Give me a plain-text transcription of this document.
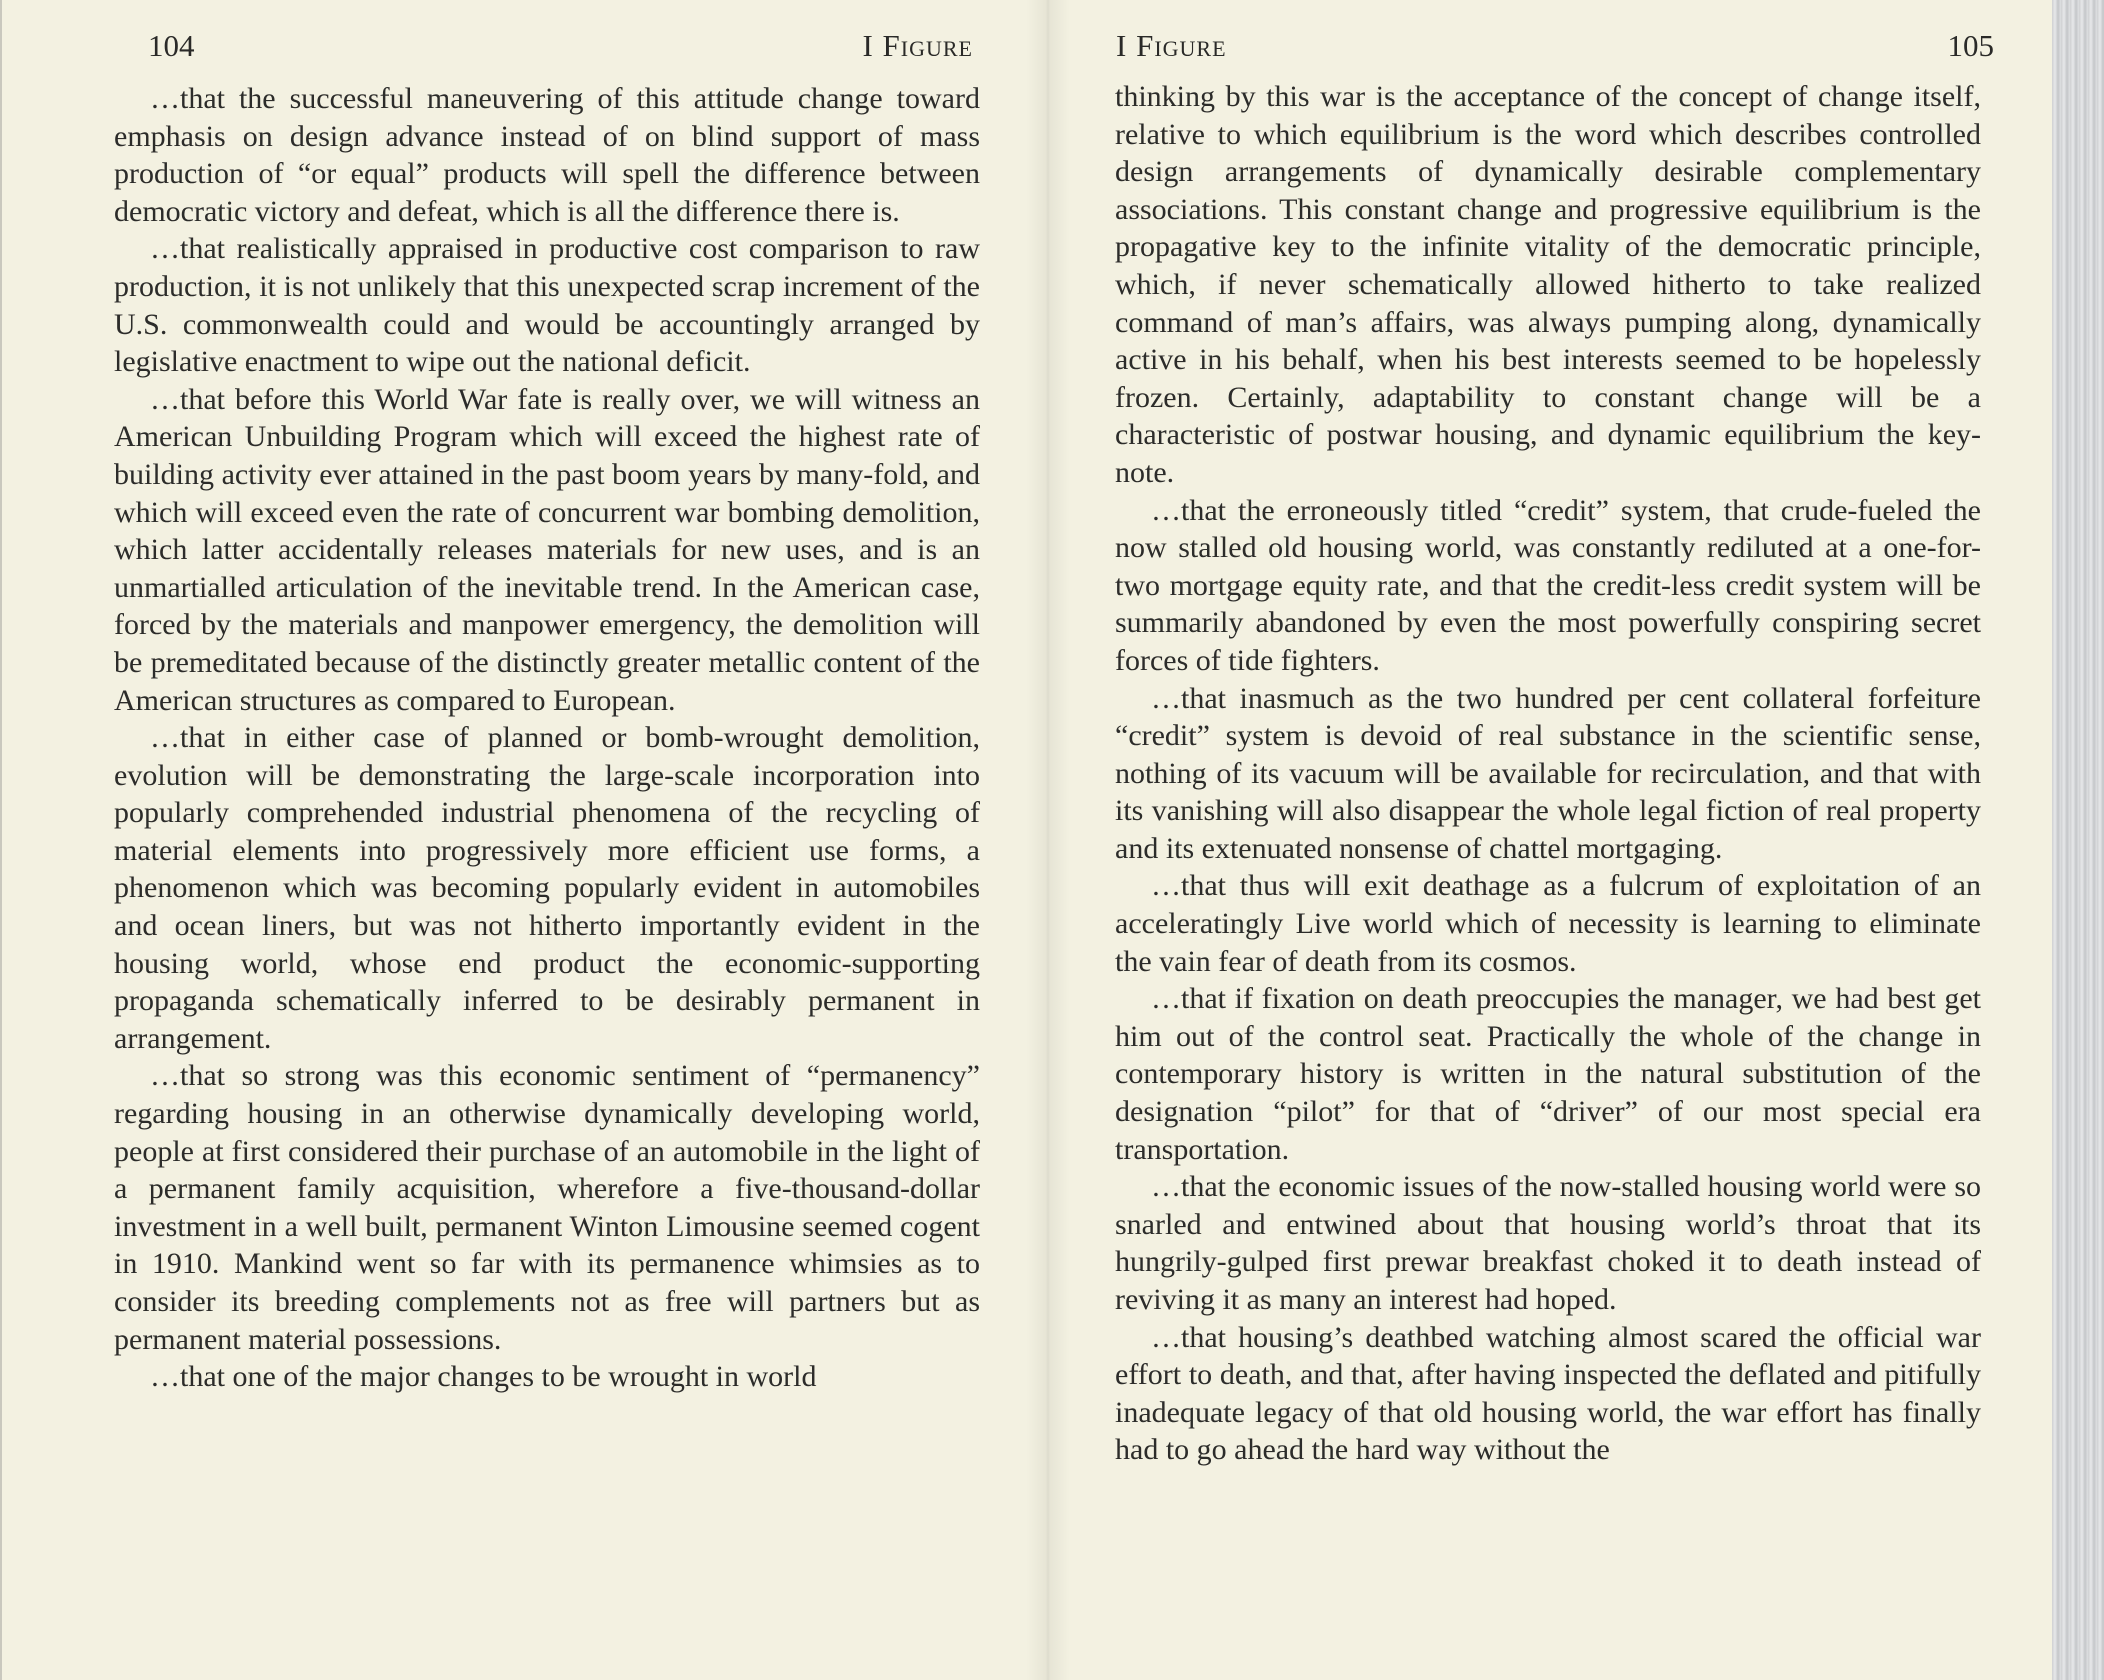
104	I Figure

…that the successful maneuvering of this attitude change toward emphasis on design advance instead of on blind support of mass production of “or equal” products will spell the difference between democratic victory and defeat, which is all the difference there is.

…that realistically appraised in productive cost comparison to raw production, it is not unlikely that this unexpected scrap increment of the U.S. commonwealth could and would be accountingly arranged by legislative enactment to wipe out the national deficit.

…that before this World War fate is really over, we will witness an American Unbuilding Program which will exceed the highest rate of building activity ever attained in the past boom years by many-fold, and which will exceed even the rate of concurrent war bombing demolition, which latter accidentally releases materials for new uses, and is an unmartialled articulation of the inevitable trend. In the American case, forced by the materials and manpower emergency, the demolition will be premeditated because of the distinctly greater metallic content of the American structures as compared to European.

…that in either case of planned or bomb-wrought demolition, evolution will be demonstrating the large-scale incorporation into popularly comprehended industrial phenomena of the recycling of material elements into progressively more efficient use forms, a phenomenon which was becoming popularly evident in automobiles and ocean liners, but was not hitherto importantly evident in the housing world, whose end product the economic-supporting propaganda schematically inferred to be desirably permanent in arrangement.

…that so strong was this economic sentiment of “permanency” regarding housing in an otherwise dynamically developing world, people at first considered their purchase of an automobile in the light of a permanent family acquisition, wherefore a five-thousand-dollar investment in a well built, permanent Winton Limousine seemed cogent in 1910. Mankind went so far with its permanence whimsies as to consider its breeding complements not as free will partners but as permanent material possessions.

…that one of the major changes to be wrought in world

I Figure	105

thinking by this war is the acceptance of the concept of change itself, relative to which equilibrium is the word which describes controlled design arrangements of dynamically desirable complementary associations. This constant change and progressive equilibrium is the propagative key to the infinite vitality of the democratic principle, which, if never schematically allowed hitherto to take realized command of man’s affairs, was always pumping along, dynamically active in his behalf, when his best interests seemed to be hopelessly frozen. Certainly, adaptability to constant change will be a characteristic of postwar housing, and dynamic equilibrium the key-note.

…that the erroneously titled “credit” system, that crude-fueled the now stalled old housing world, was constantly rediluted at a one-for-two mortgage equity rate, and that the credit-less credit system will be summarily abandoned by even the most powerfully conspiring secret forces of tide fighters.

…that inasmuch as the two hundred per cent collateral forfeiture “credit” system is devoid of real substance in the scientific sense, nothing of its vacuum will be available for recirculation, and that with its vanishing will also disappear the whole legal fiction of real property and its extenuated nonsense of chattel mortgaging.

…that thus will exit deathage as a fulcrum of exploitation of an acceleratingly Live world which of necessity is learning to eliminate the vain fear of death from its cosmos.

…that if fixation on death preoccupies the manager, we had best get him out of the control seat. Practically the whole of the change in contemporary history is written in the natural substitution of the designation “pilot” for that of “driver” of our most special era transportation.

…that the economic issues of the now-stalled housing world were so snarled and entwined about that housing world’s throat that its hungrily-gulped first prewar breakfast choked it to death instead of reviving it as many an interest had hoped.

…that housing’s deathbed watching almost scared the official war effort to death, and that, after having inspected the deflated and pitifully inadequate legacy of that old housing world, the war effort has finally had to go ahead the hard way without the
